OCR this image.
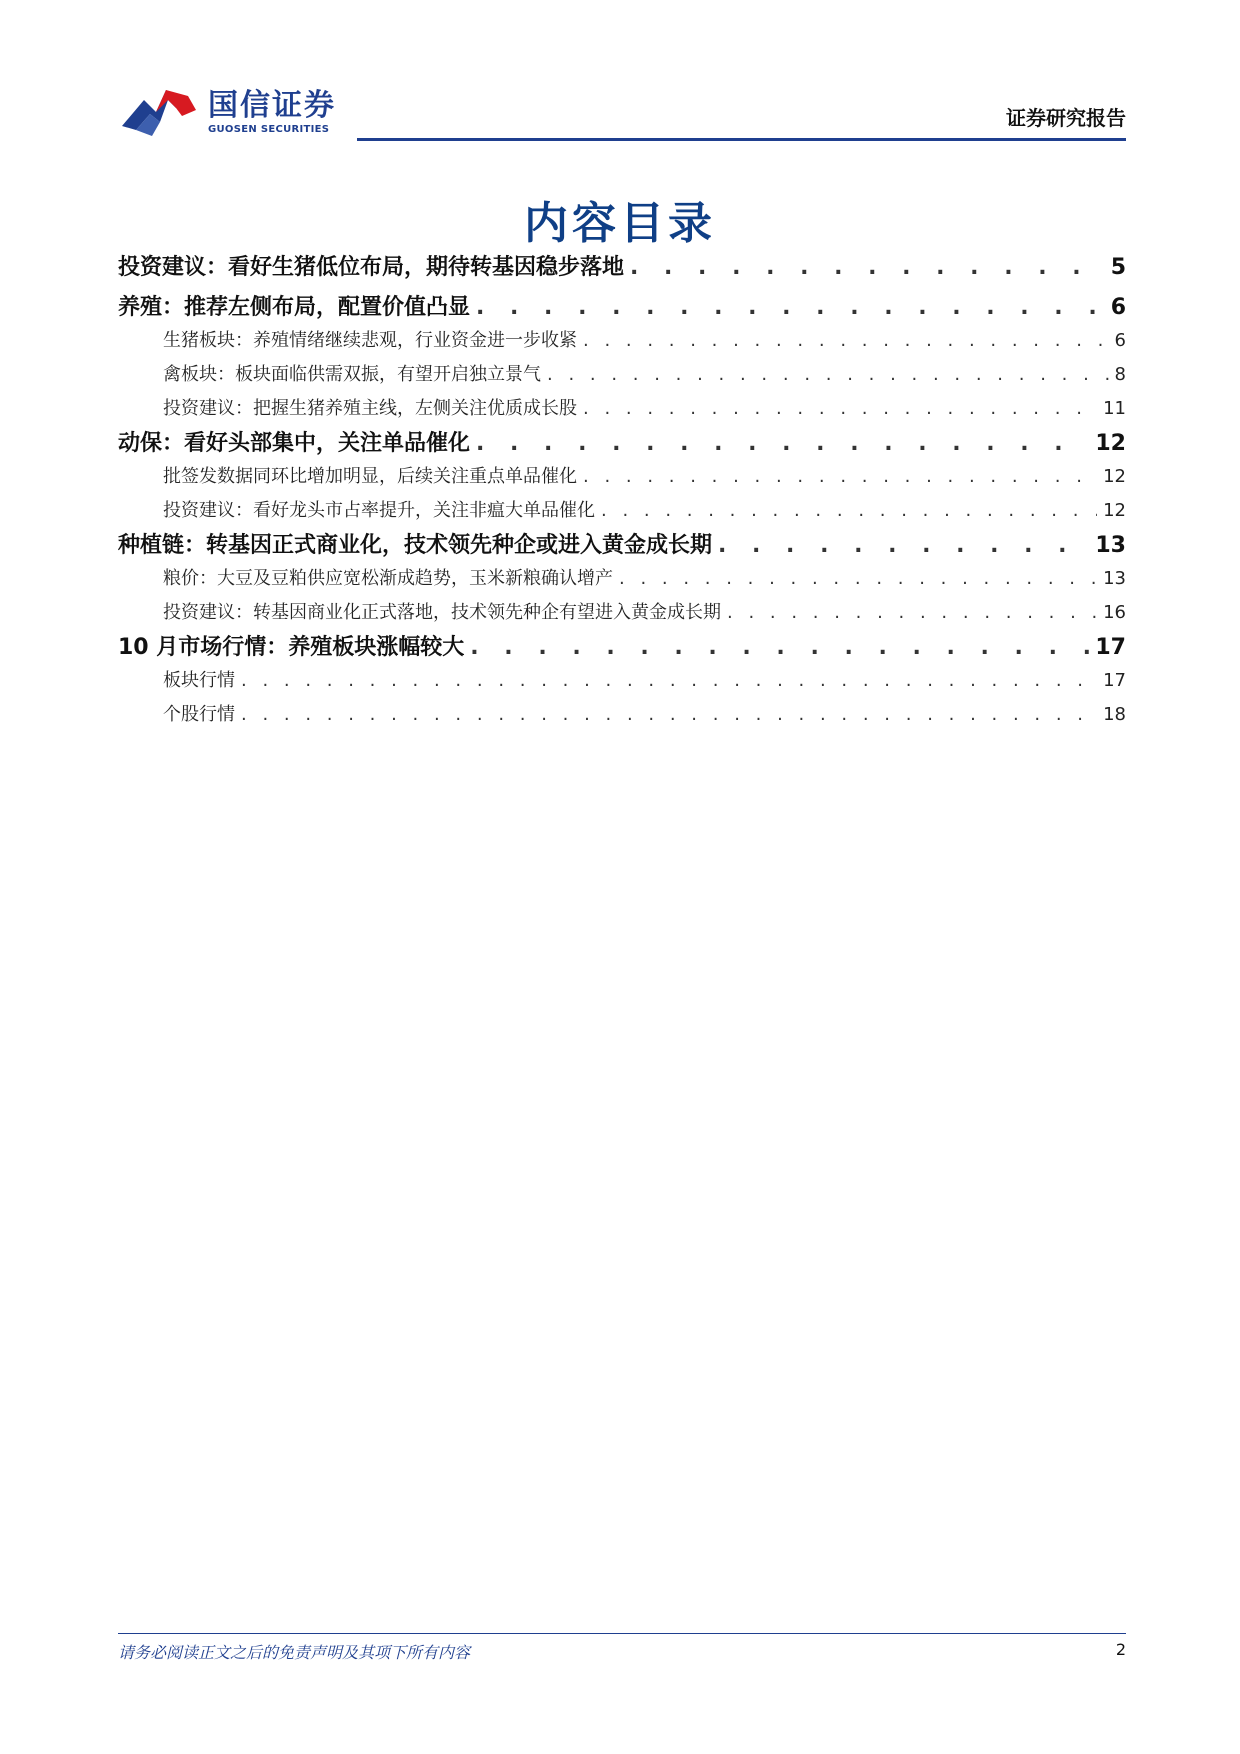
国信证券
GUOSEN SECURITIES	证券研究报告
内容目录
投资建议：看好生猪低位布局，期待转基因稳步落地 . . .	5
养殖：推荐左侧布局，配置价值凸显 . . .	6
生猪板块：养殖情绪继续悲观，行业资金进一步收紧 . . .	6
禽板块：板块面临供需双振，有望开启独立景气 . . .	8
投资建议：把握生猪养殖主线，左侧关注优质成长股 . . .	11
动保：看好头部集中，关注单品催化 . . .	12
批签发数据同环比增加明显，后续关注重点单品催化 . . .	12
投资建议：看好龙头市占率提升，关注非瘟大单品催化 . . .	12
种植链：转基因正式商业化，技术领先种企或进入黄金成长期 . . .	13
粮价：大豆及豆粕供应宽松渐成趋势，玉米新粮确认增产 . . .	13
投资建议：转基因商业化正式落地，技术领先种企有望进入黄金成长期 . . .	16
10 月市场行情：养殖板块涨幅较大 . . .	17
板块行情 . . .	17
个股行情 . . .	18
请务必阅读正文之后的免责声明及其项下所有内容	2
